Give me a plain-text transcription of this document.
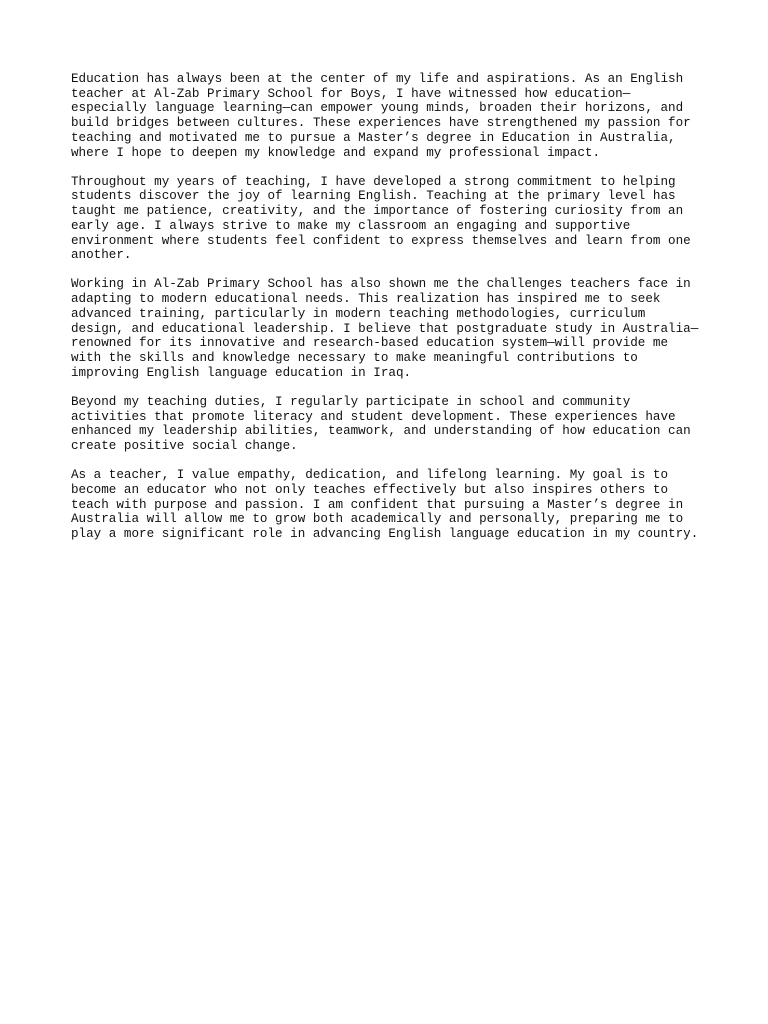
Education has always been at the center of my life and aspirations. As an English
teacher at Al-Zab Primary School for Boys, I have witnessed how education—
especially language learning—can empower young minds, broaden their horizons, and
build bridges between cultures. These experiences have strengthened my passion for
teaching and motivated me to pursue a Master’s degree in Education in Australia,
where I hope to deepen my knowledge and expand my professional impact.
Throughout my years of teaching, I have developed a strong commitment to helping
students discover the joy of learning English. Teaching at the primary level has
taught me patience, creativity, and the importance of fostering curiosity from an
early age. I always strive to make my classroom an engaging and supportive
environment where students feel confident to express themselves and learn from one
another.
Working in Al-Zab Primary School has also shown me the challenges teachers face in
adapting to modern educational needs. This realization has inspired me to seek
advanced training, particularly in modern teaching methodologies, curriculum
design, and educational leadership. I believe that postgraduate study in Australia—
renowned for its innovative and research-based education system—will provide me
with the skills and knowledge necessary to make meaningful contributions to
improving English language education in Iraq.
Beyond my teaching duties, I regularly participate in school and community
activities that promote literacy and student development. These experiences have
enhanced my leadership abilities, teamwork, and understanding of how education can
create positive social change.
As a teacher, I value empathy, dedication, and lifelong learning. My goal is to
become an educator who not only teaches effectively but also inspires others to
teach with purpose and passion. I am confident that pursuing a Master’s degree in
Australia will allow me to grow both academically and personally, preparing me to
play a more significant role in advancing English language education in my country.
